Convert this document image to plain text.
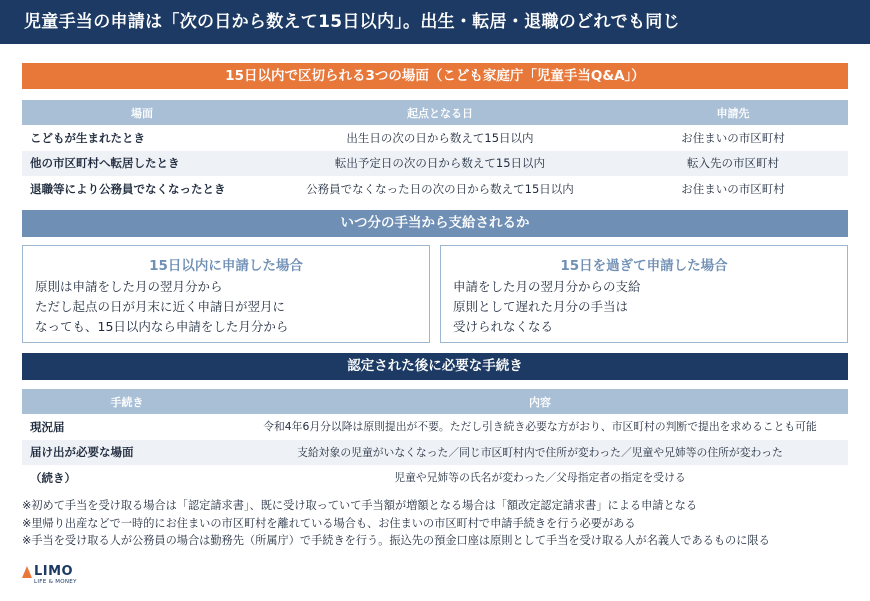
児童手当の申請は「次の日から数えて15日以内」。出生・転居・退職のどれでも同じ
15日以内で区切られる3つの場面（こども家庭庁「児童手当Q&A」）
場面	起点となる日	申請先
こどもが生まれたとき	出生日の次の日から数えて15日以内	お住まいの市区町村
他の市区町村へ転居したとき	転出予定日の次の日から数えて15日以内	転入先の市区町村
退職等により公務員でなくなったとき	公務員でなくなった日の次の日から数えて15日以内	お住まいの市区町村
いつ分の手当から支給されるか
15日以内に申請した場合
原則は申請をした月の翌月分から
ただし起点の日が月末に近く申請日が翌月に
なっても、15日以内なら申請をした月分から
15日を過ぎて申請した場合
申請をした月の翌月分からの支給
原則として遅れた月分の手当は
受けられなくなる
認定された後に必要な手続き
手続き	内容
現況届	令和4年6月分以降は原則提出が不要。ただし引き続き必要な方がおり、市区町村の判断で提出を求めることも可能
届け出が必要な場面	支給対象の児童がいなくなった／同じ市区町村内で住所が変わった／児童や兄姉等の住所が変わった
（続き）	児童や兄姉等の氏名が変わった／父母指定者の指定を受ける
※初めて手当を受け取る場合は「認定請求書」、既に受け取っていて手当額が増額となる場合は「額改定認定請求書」による申請となる
※里帰り出産などで一時的にお住まいの市区町村を離れている場合も、お住まいの市区町村で申請手続きを行う必要がある
※手当を受け取る人が公務員の場合は勤務先（所属庁）で手続きを行う。振込先の預金口座は原則として手当を受け取る人が名義人であるものに限る
LIMO
LIFE & MONEY
